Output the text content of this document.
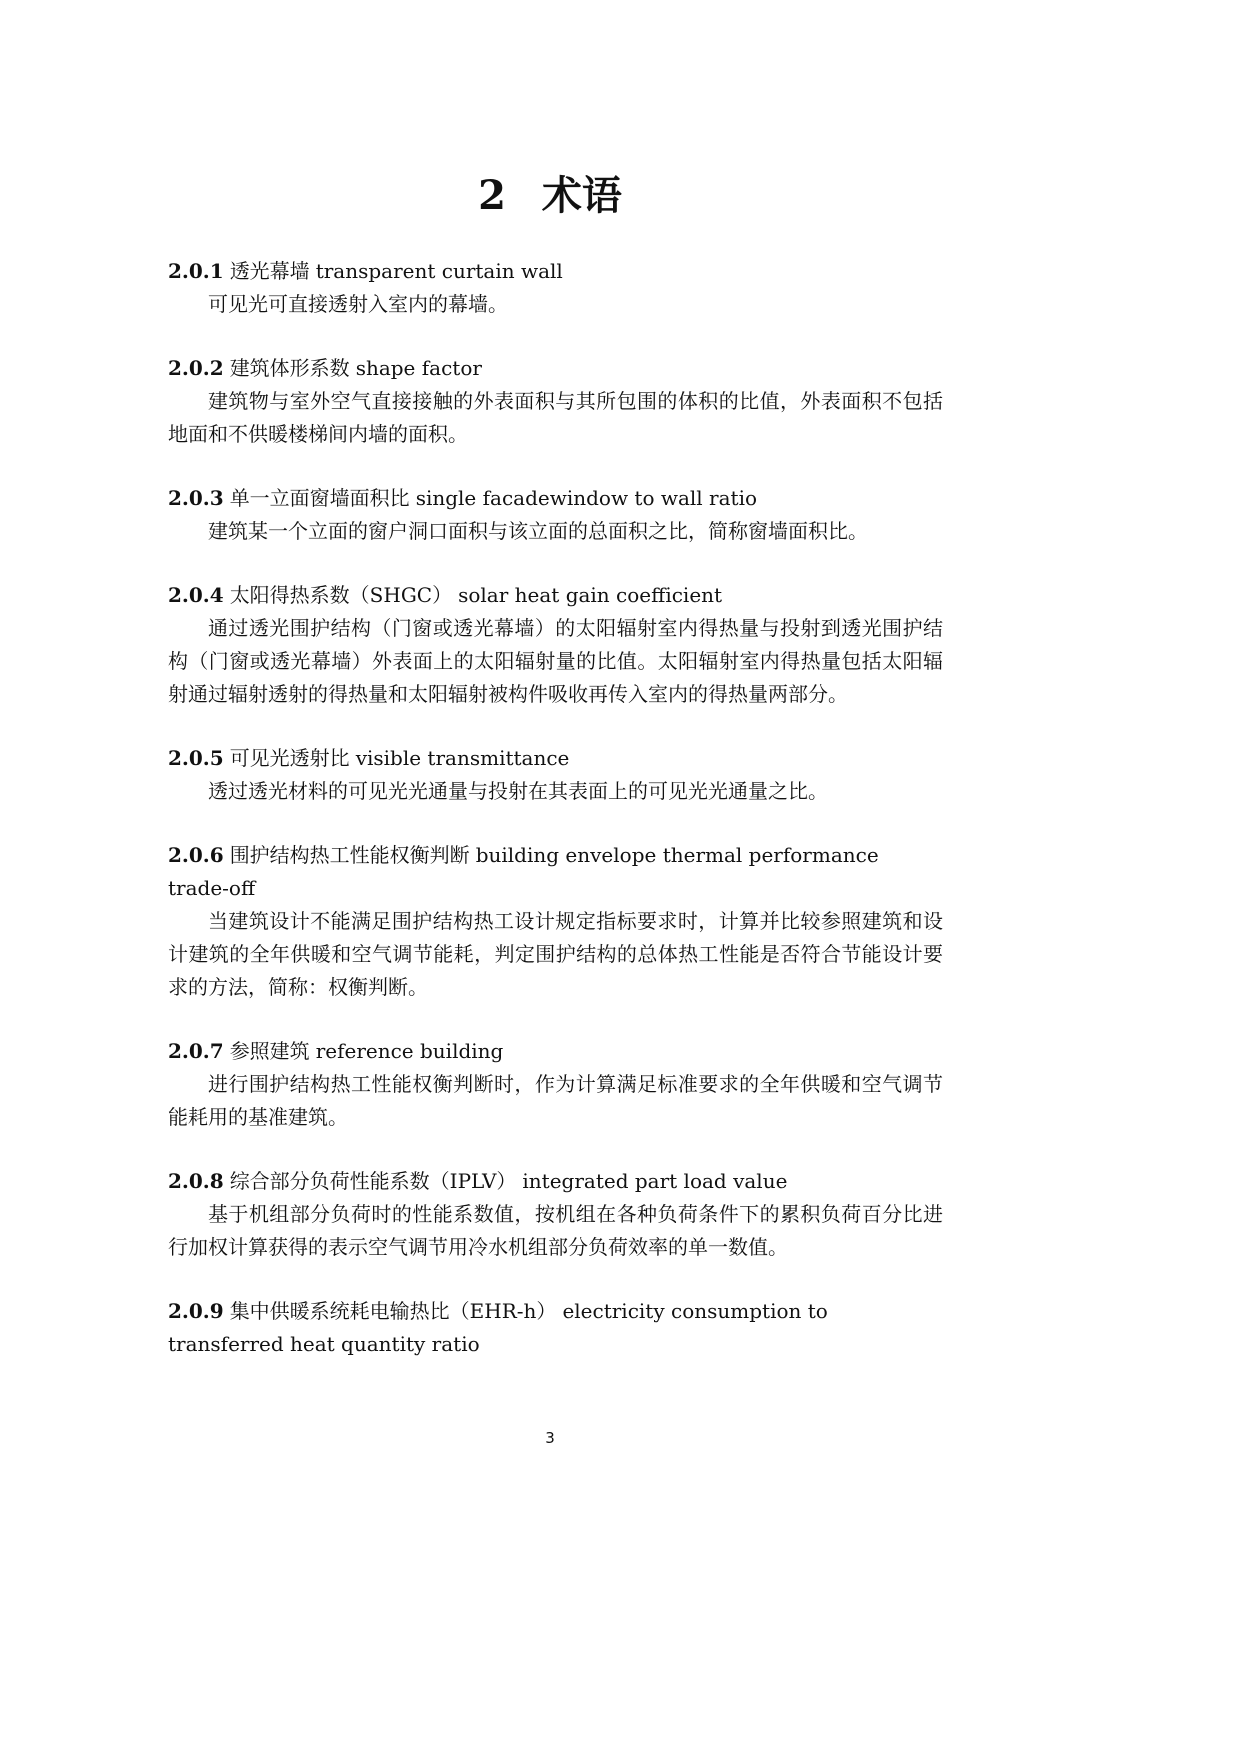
2 术语

2.0.1 透光幕墙 transparent curtain wall

可见光可直接透射入室内的幕墙。

2.0.2 建筑体形系数 shape factor

建筑物与室外空气直接接触的外表面积与其所包围的体积的比值，外表面积不包括地面和不供暖楼梯间内墙的面积。

2.0.3 单一立面窗墙面积比 single facadewindow to wall ratio

建筑某一个立面的窗户洞口面积与该立面的总面积之比，简称窗墙面积比。

2.0.4 太阳得热系数（SHGC） solar heat gain coefficient

通过透光围护结构（门窗或透光幕墙）的太阳辐射室内得热量与投射到透光围护结构（门窗或透光幕墙）外表面上的太阳辐射量的比值。太阳辐射室内得热量包括太阳辐射通过辐射透射的得热量和太阳辐射被构件吸收再传入室内的得热量两部分。

2.0.5 可见光透射比 visible transmittance

透过透光材料的可见光光通量与投射在其表面上的可见光光通量之比。

2.0.6 围护结构热工性能权衡判断 building envelope thermal performance trade-off

当建筑设计不能满足围护结构热工设计规定指标要求时，计算并比较参照建筑和设计建筑的全年供暖和空气调节能耗，判定围护结构的总体热工性能是否符合节能设计要求的方法，简称：权衡判断。

2.0.7 参照建筑 reference building

进行围护结构热工性能权衡判断时，作为计算满足标准要求的全年供暖和空气调节能耗用的基准建筑。

2.0.8 综合部分负荷性能系数（IPLV） integrated part load value

基于机组部分负荷时的性能系数值，按机组在各种负荷条件下的累积负荷百分比进行加权计算获得的表示空气调节用冷水机组部分负荷效率的单一数值。

2.0.9 集中供暖系统耗电输热比（EHR-h） electricity consumption to transferred heat quantity ratio

3
